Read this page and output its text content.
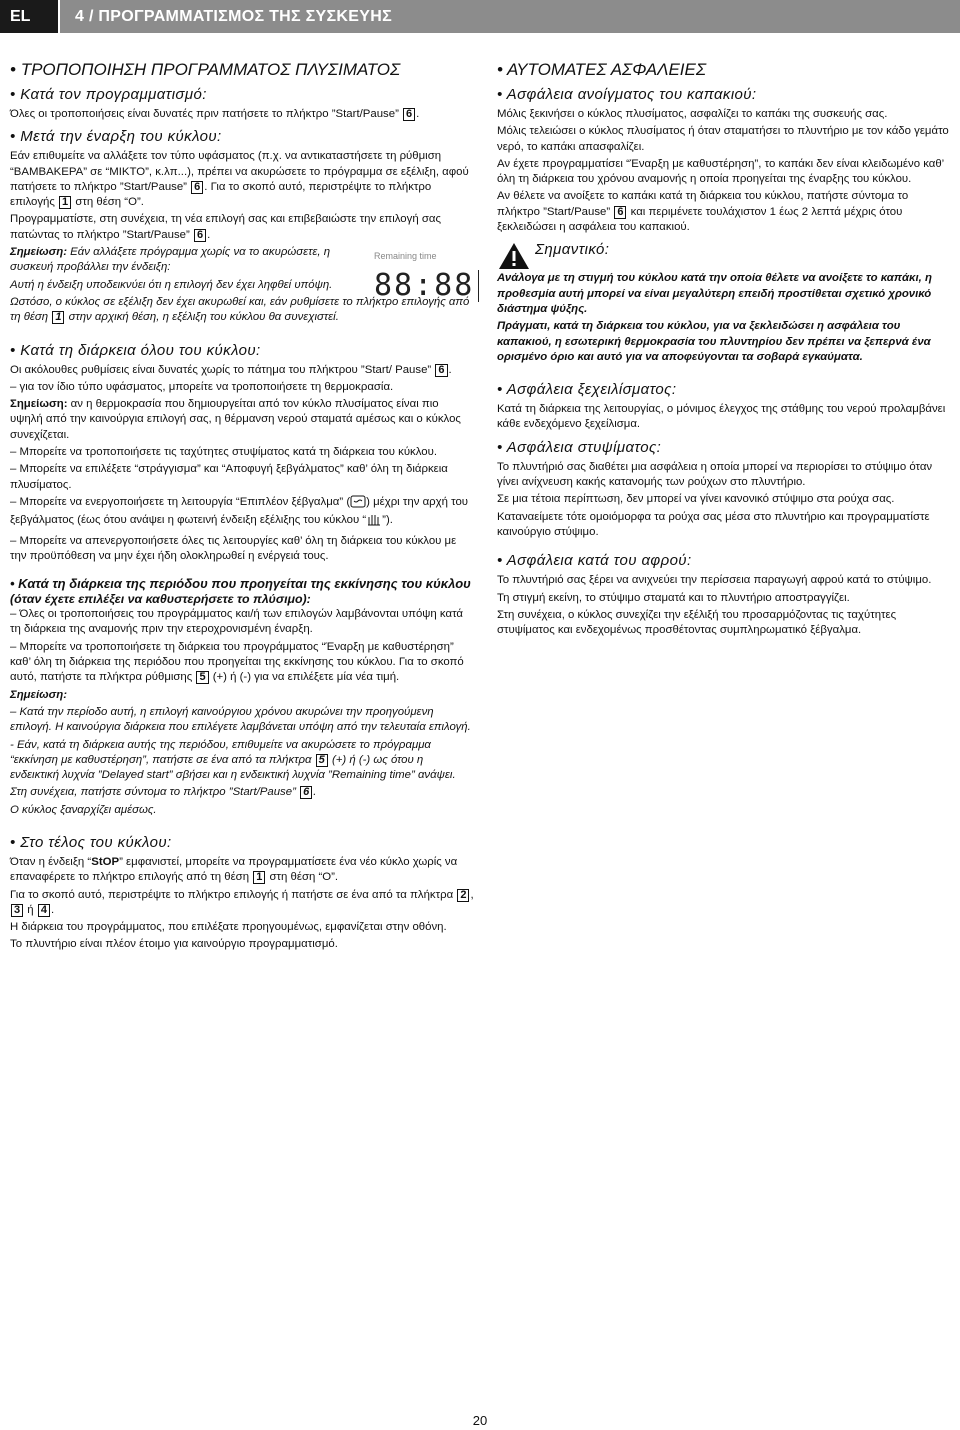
EL	4 / ΠΡΟΓΡΑΜΜΑΤΙΣΜΟΣ ΤΗΣ ΣΥΣΚΕΥΗΣ
• ΤΡΟΠΟΠΟΙΗΣΗ ΠΡΟΓΡΑΜΜΑΤΟΣ ΠΛΥΣΙΜΑΤΟΣ
• Κατά τον προγραμματισμό:

Όλες οι τροποποιήσεις είναι δυνατές πριν πατήσετε το πλήκτρο ”Start/Pause” 6 .

• Μετά την έναρξη του κύκλου:

Εάν επιθυμείτε να αλλάξετε τον τύπο υφάσματος (π.χ. να αντικαταστήσετε τη ρύθμιση “ΒΑΜΒΑΚΕΡΑ” σε “ΜΙΚΤΟ”, κ.λπ...), πρέπει να ακυρώσετε το πρόγραμμα σε εξέλιξη, αφού πατήσετε το πλήκτρο ”Start/Pause” 6 . Για το σκοπό αυτό, περιστρέψτε το πλήκτρο επιλογής 1 στη θέση “O”.

Προγραμματίστε, στη συνέχεια, τη νέα επιλογή σας και επιβεβαιώστε την επιλογή σας πατώντας το πλήκτρο ”Start/Pause” 6 .

Σημείωση: Εάν αλλάξετε πρόγραμμα χωρίς να το ακυρώσετε, η συσκευή προβάλλει την ένδειξη:

Αυτή η ένδειξη υποδεικνύει ότι η επιλογή δεν έχει ληφθεί υπόψη.

Remaining time
88:88

Ωστόσο, ο κύκλος σε εξέλιξη δεν έχει ακυρωθεί και, εάν ρυθμίσετε το πλήκτρο επιλογής από τη θέση 1 στην αρχική θέση, η εξέλιξη του κύκλου θα συνεχιστεί.

• Κατά τη διάρκεια όλου του κύκλου:

Οι ακόλουθες ρυθμίσεις είναι δυνατές χωρίς το πάτημα του πλήκτρου ”Start/ Pause” 6 .

– για τον ίδιο τύπο υφάσματος, μπορείτε να τροποποιήσετε τη θερμοκρασία.

Σημείωση: αν η θερμοκρασία που δημιουργείται από τον κύκλο πλυσίματος είναι πιο υψηλή από την καινούργια επιλογή σας, η θέρμανση νερού σταματά αμέσως και ο κύκλος συνεχίζεται.

– Μπορείτε να τροποποιήσετε τις ταχύτητες στυψίματος κατά τη διάρκεια του κύκλου.

– Μπορείτε να επιλέξετε “στράγγισμα” και “Αποφυγή ξεβγάλματος” καθ’ όλη τη διάρκεια πλυσίματος.

– Μπορείτε να ενεργοποιήσετε τη λειτουργία “Επιπλέον ξέβγαλμα” ( ) μέχρι την αρχή του ξεβγάλματος (έως ότου ανάψει η φωτεινή ένδειξη εξέλιξης του κύκλου “ ”).

– Μπορείτε να απενεργοποιήσετε όλες τις λειτουργίες καθ’ όλη τη διάρκεια του κύκλου με την προϋπόθεση να μην έχει ήδη ολοκληρωθεί η ενέργειά τους.

• Κατά τη διάρκεια της περιόδου που προηγείται της εκκίνησης του κύκλου (όταν έχετε επιλέξει να καθυστερήσετε το πλύσιμο):

– Όλες οι τροποποιήσεις του προγράμματος και/ή των επιλογών λαμβάνονται υπόψη κατά τη διάρκεια της αναμονής πριν την ετεροχρονισμένη έναρξη.

– Μπορείτε να τροποποιήσετε τη διάρκεια του προγράμματος “Έναρξη με καθυστέρηση” καθ’ όλη τη διάρκεια της περιόδου που προηγείται της εκκίνησης του κύκλου. Για το σκοπό αυτό, πατήστε τα πλήκτρα ρύθμισης 5 (+) ή (-) για να επιλέξετε μία νέα τιμή.

Σημείωση:

– Κατά την περίοδο αυτή, η επιλογή καινούργιου χρόνου ακυρώνει την προηγούμενη επιλογή. Η καινούργια διάρκεια που επιλέγετε λαμβάνεται υπόψη από την τελευταία επιλογή.

- Εάν, κατά τη διάρκεια αυτής της περιόδου, επιθυμείτε να ακυρώσετε το πρόγραμμα “εκκίνηση με καθυστέρηση”, πατήστε σε ένα από τα πλήκτρα 5 (+) ή (-) ως ότου η ενδεικτική λυχνία ”Delayed start” σβήσει και η ενδεικτική λυχνία ”Remaining time” ανάψει.

Στη συνέχεια, πατήστε σύντομα το πλήκτρο ”Start/Pause” 6 .

Ο κύκλος ξαναρχίζει αμέσως.

• Στο τέλος του κύκλου:

Όταν η ένδειξη “StOP” εμφανιστεί, μπορείτε να προγραμματίσετε ένα νέο κύκλο χωρίς να επαναφέρετε το πλήκτρο επιλογής από τη θέση 1 στη θέση “O”.

Για το σκοπό αυτό, περιστρέψτε το πλήκτρο επιλογής ή πατήστε σε ένα από τα πλήκτρα 2 , 3 ή 4 .

Η διάρκεια του προγράμματος, που επιλέξατε προηγουμένως, εμφανίζεται στην οθόνη.

Το πλυντήριο είναι πλέον έτοιμο για καινούργιο προγραμματισμό.

• ΑΥΤΟΜΑΤΕΣ ΑΣΦΑΛΕΙΕΣ
• Ασφάλεια ανοίγματος του καπακιού:

Μόλις ξεκινήσει ο κύκλος πλυσίματος, ασφαλίζει το καπάκι της συσκευής σας.

Μόλις τελειώσει ο κύκλος πλυσίματος ή όταν σταματήσει το πλυντήριο με τον κάδο γεμάτο νερό, το καπάκι απασφαλίζει.

Αν έχετε προγραμματίσει “Έναρξη με καθυστέρηση”, το καπάκι δεν είναι κλειδωμένο καθ’ όλη τη διάρκεια του χρόνου αναμονής η οποία προηγείται της έναρξης του κύκλου.

Αν θέλετε να ανοίξετε το καπάκι κατά τη διάρκεια του κύκλου, πατήστε σύντομα το πλήκτρο ”Start/Pause” 6 και περιμένετε τουλάχιστον 1 έως 2 λεπτά μέχρις ότου ξεκλειδώσει η ασφάλεια του καπακιού.

Σημαντικό:

Ανάλογα με τη στιγμή του κύκλου κατά την οποία θέλετε να ανοίξετε το καπάκι, η προθεσμία αυτή μπορεί να είναι μεγαλύτερη επειδή προστίθεται σχετικό χρονικό διάστημα ψύξης.

Πράγματι, κατά τη διάρκεια του κύκλου, για να ξεκλειδώσει η ασφάλεια του καπακιού, η εσωτερική θερμοκρασία του πλυντηρίου δεν πρέπει να ξεπερνά ένα ορισμένο όριο και αυτό για να αποφεύγονται τα σοβαρά εγκαύματα.

• Ασφάλεια ξεχειλίσματος:

Κατά τη διάρκεια της λειτουργίας, ο μόνιμος έλεγχος της στάθμης του νερού προλαμβάνει κάθε ενδεχόμενο ξεχείλισμα.

• Ασφάλεια στυψίματος:

Το πλυντήριό σας διαθέτει μια ασφάλεια η οποία μπορεί να περιορίσει το στύψιμο όταν γίνει ανίχνευση κακής κατανομής των ρούχων στο πλυντήριο.

Σε μια τέτοια περίπτωση, δεν μπορεί να γίνει κανονικό στύψιμο στα ρούχα σας.

Καταναείμετε τότε ομοιόμορφα τα ρούχα σας μέσα στο πλυντήριο και προγραμματίστε καινούργιο στύψιμο.

• Ασφάλεια κατά του αφρού:

Το πλυντήριό σας ξέρει να ανιχνεύει την περίσσεια παραγωγή αφρού κατά το στύψιμο.

Τη στιγμή εκείνη, το στύψιμο σταματά και το πλυντήριο αποστραγγίζει.

Στη συνέχεια, ο κύκλος συνεχίζει την εξέλιξή του προσαρμόζοντας τις ταχύτητες στυψίματος και ενδεχομένως προσθέτοντας συμπληρωματικό ξέβγαλμα.

20
